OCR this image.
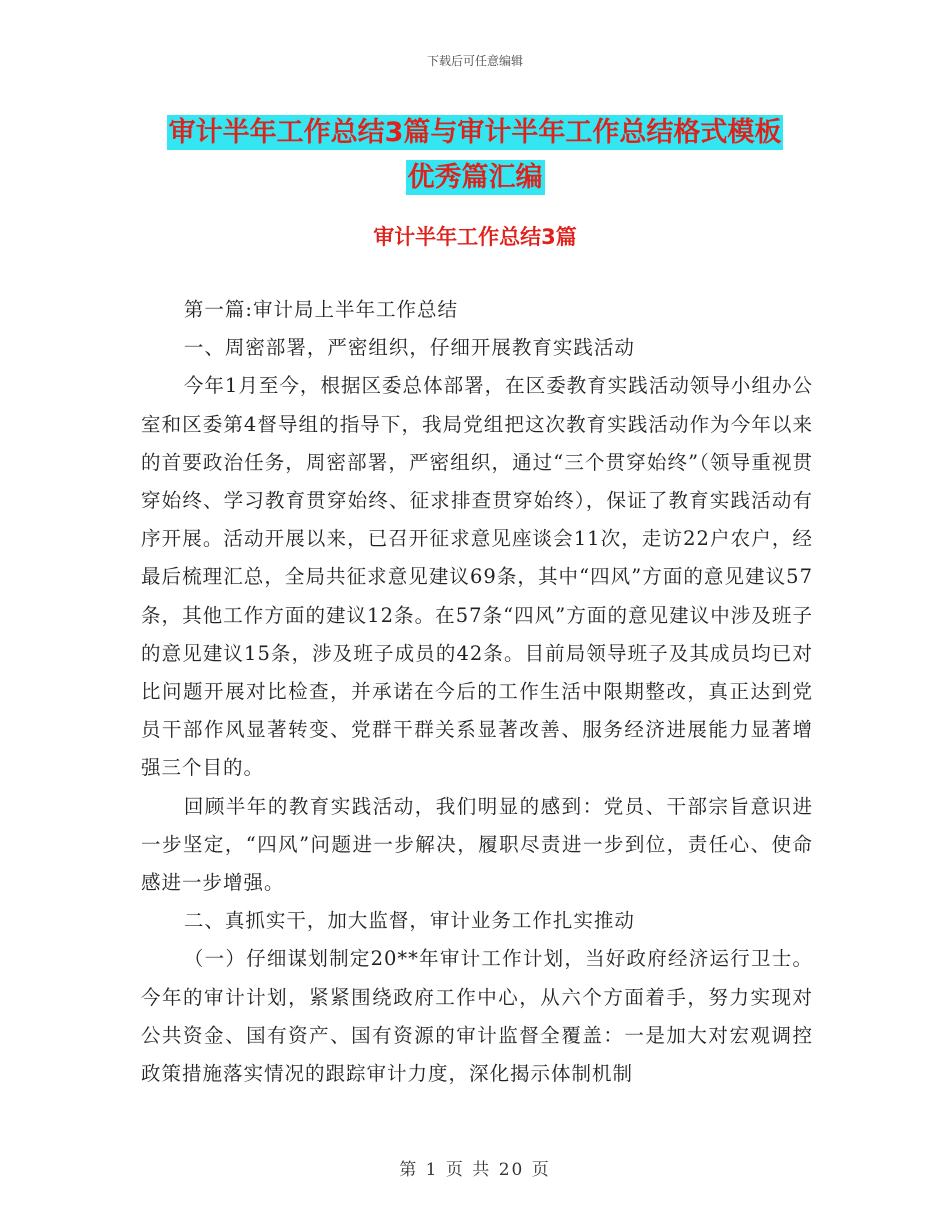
下载后可任意编辑
审计半年工作总结3篇与审计半年工作总结格式模板
优秀篇汇编
审计半年工作总结3篇

第一篇:审计局上半年工作总结

一、周密部署，严密组织，仔细开展教育实践活动

今年1月至今，根据区委总体部署，在区委教育实践活动领导小组办公室和区委第4督导组的指导下，我局党组把这次教育实践活动作为今年以来的首要政治任务，周密部署，严密组织，通过“三个贯穿始终”（领导重视贯穿始终、学习教育贯穿始终、征求排查贯穿始终），保证了教育实践活动有序开展。活动开展以来，已召开征求意见座谈会11次，走访22户农户，经最后梳理汇总，全局共征求意见建议69条，其中“四风”方面的意见建议57条，其他工作方面的建议12条。在57条“四风”方面的意见建议中涉及班子的意见建议15条，涉及班子成员的42条。目前局领导班子及其成员均已对比问题开展对比检查，并承诺在今后的工作生活中限期整改，真正达到党员干部作风显著转变、党群干群关系显著改善、服务经济进展能力显著增强三个目的。

回顾半年的教育实践活动，我们明显的感到：党员、干部宗旨意识进一步坚定，“四风”问题进一步解决，履职尽责进一步到位，责任心、使命感进一步增强。

二、真抓实干，加大监督，审计业务工作扎实推动

（一）仔细谋划制定20**年审计工作计划，当好政府经济运行卫士。今年的审计计划，紧紧围绕政府工作中心，从六个方面着手，努力实现对公共资金、国有资产、国有资源的审计监督全覆盖：一是加大对宏观调控政策措施落实情况的跟踪审计力度，深化揭示体制机制

第 1 页 共 20 页
